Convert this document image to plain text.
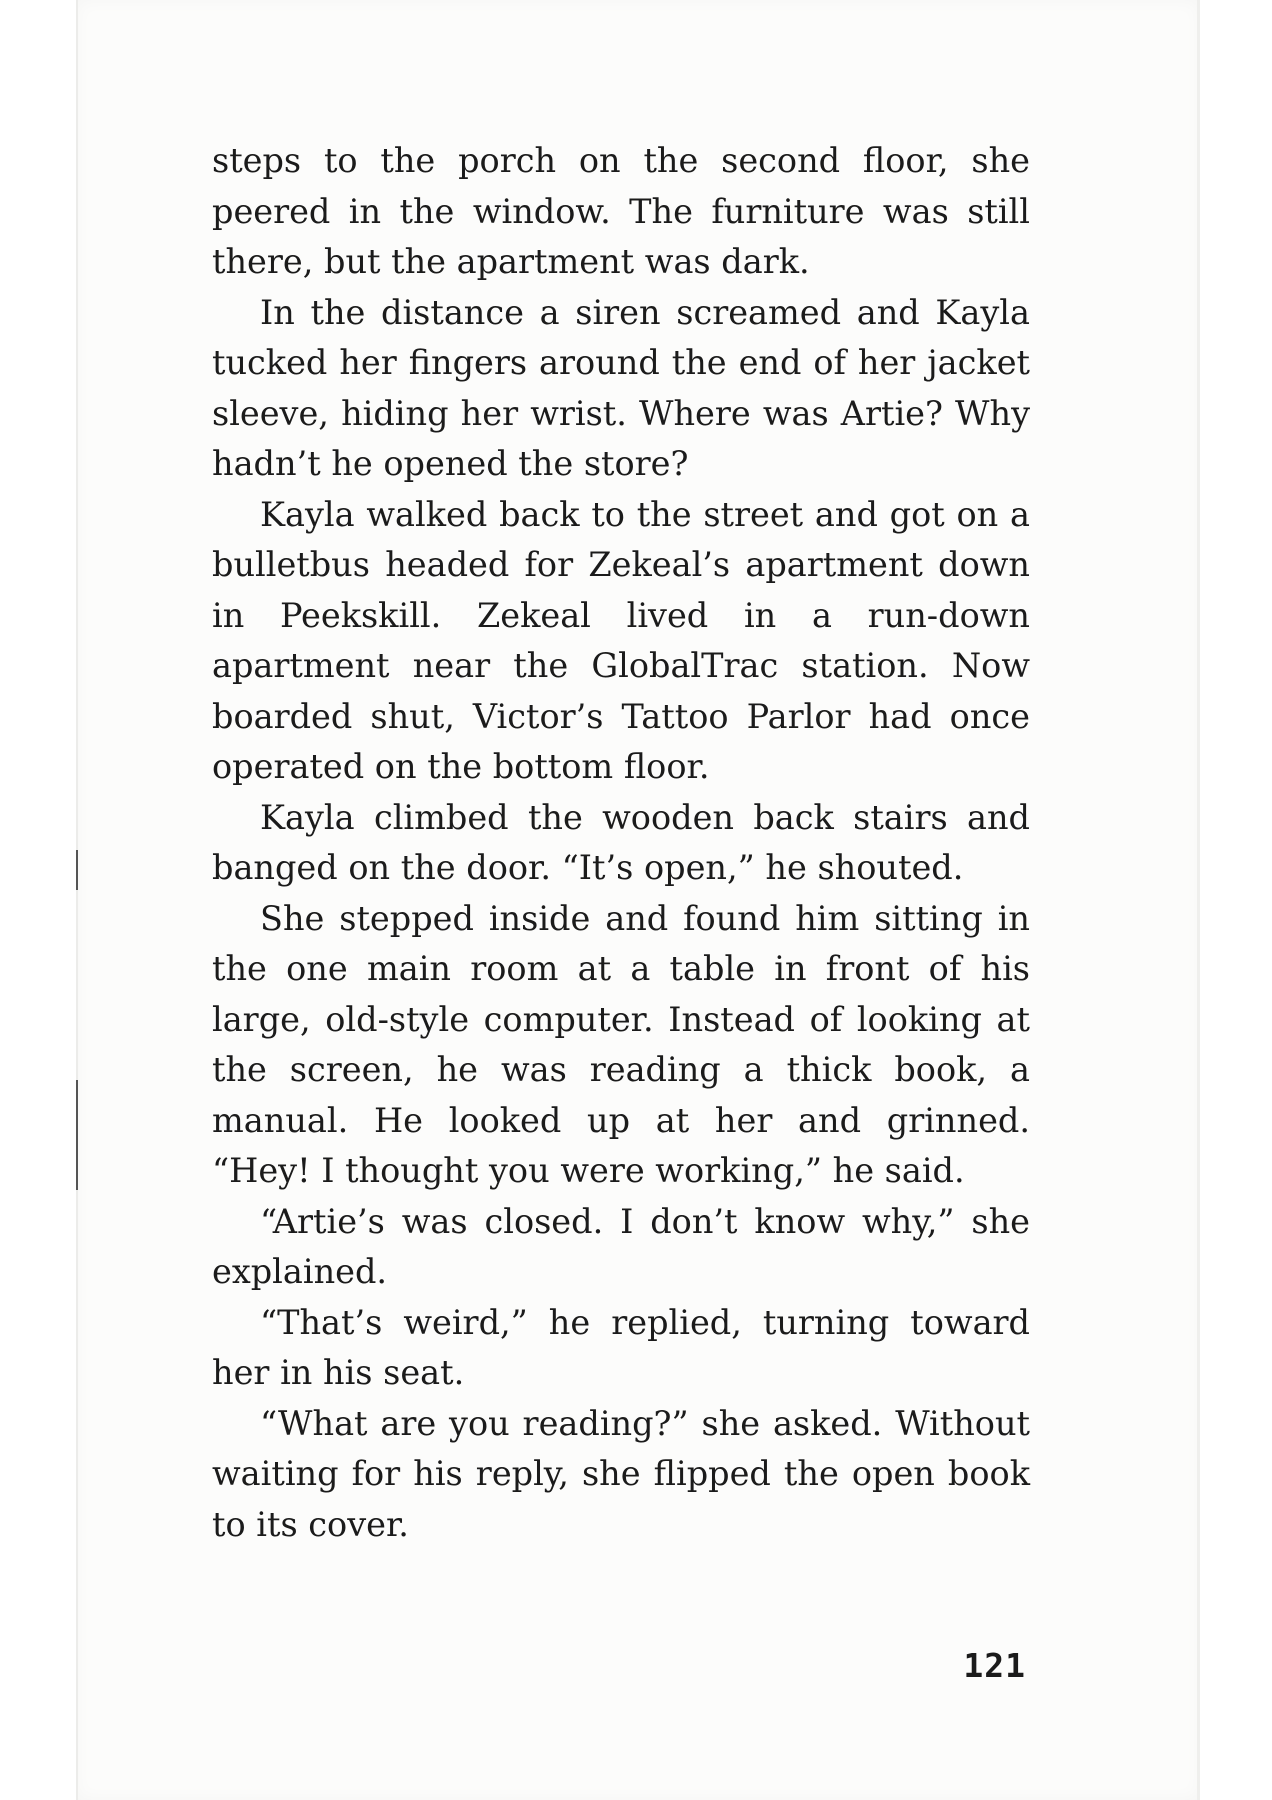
steps to the porch on the second floor, she peered in the window. The furniture was still there, but the apartment was dark.

In the distance a siren screamed and Kayla tucked her fingers around the end of her jacket sleeve, hiding her wrist. Where was Artie? Why hadn’t he opened the store?

Kayla walked back to the street and got on a bulletbus headed for Zekeal’s apartment down in Peekskill. Zekeal lived in a run-down apartment near the GlobalTrac station. Now boarded shut, Victor’s Tattoo Parlor had once operated on the bottom floor.

Kayla climbed the wooden back stairs and banged on the door. “It’s open,” he shouted.

She stepped inside and found him sitting in the one main room at a table in front of his large, old-style computer. Instead of looking at the screen, he was reading a thick book, a manual. He looked up at her and grinned. “Hey! I thought you were working,” he said.

“Artie’s was closed. I don’t know why,” she explained.

“That’s weird,” he replied, turning toward her in his seat.

“What are you reading?” she asked. Without waiting for his reply, she flipped the open book to its cover.

121
